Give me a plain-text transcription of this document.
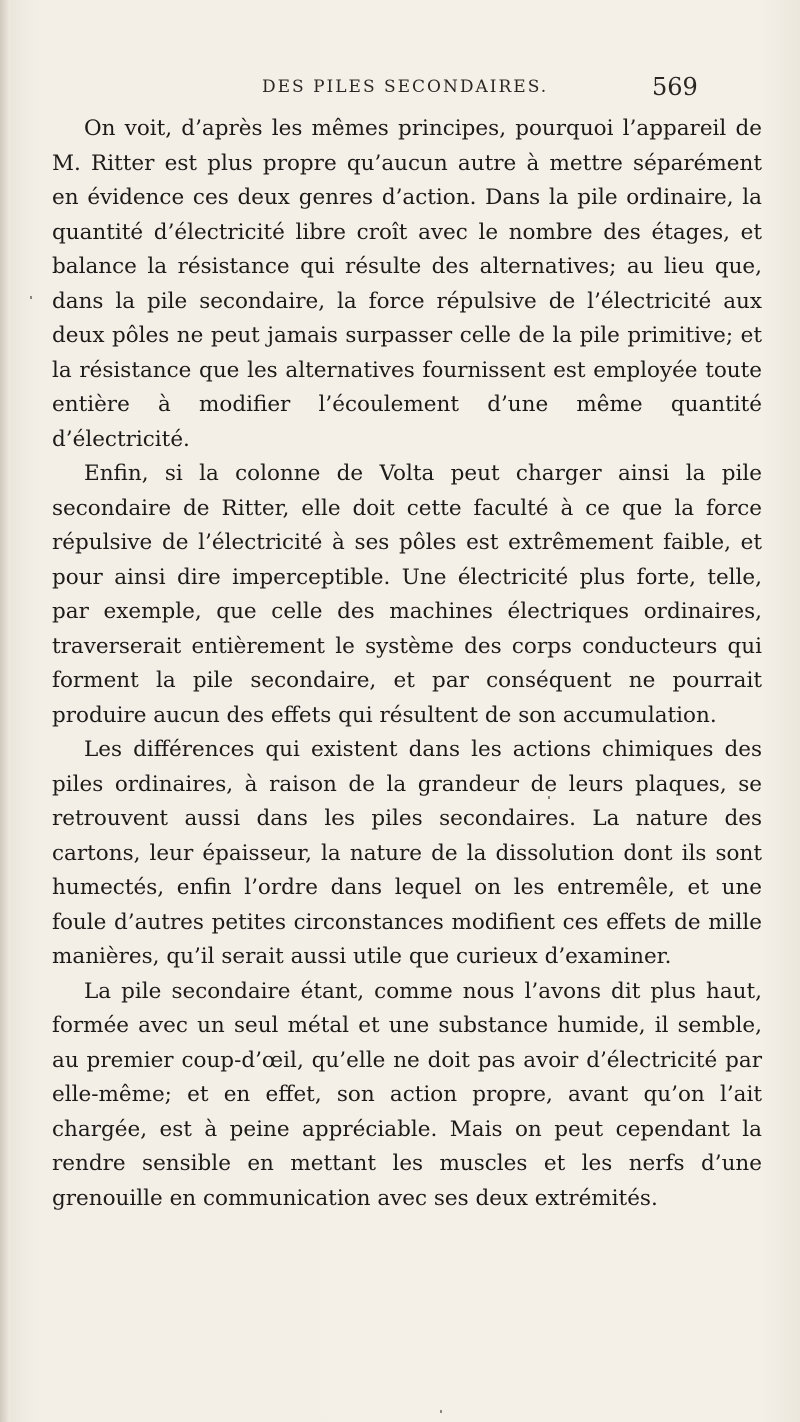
DES PILES SECONDAIRES.	569

On voit, d’après les mêmes principes, pourquoi l’appareil de M. Ritter est plus propre qu’aucun autre à mettre séparément en évidence ces deux genres d’action. Dans la pile ordinaire, la quantité d’électricité libre croît avec le nombre des étages, et balance la résistance qui résulte des alternatives; au lieu que, dans la pile secondaire, la force répulsive de l’électricité aux deux pôles ne peut jamais surpasser celle de la pile primitive; et la résistance que les alternatives fournissent est employée toute entière à modifier l’écoulement d’une même quantité d’électricité.

Enfin, si la colonne de Volta peut charger ainsi la pile secondaire de Ritter, elle doit cette faculté à ce que la force répulsive de l’électricité à ses pôles est extrêmement faible, et pour ainsi dire imperceptible. Une électricité plus forte, telle, par exemple, que celle des machines électriques ordinaires, traverserait entièrement le système des corps conducteurs qui forment la pile secondaire, et par conséquent ne pourrait produire aucun des effets qui résultent de son accumulation.

Les différences qui existent dans les actions chimiques des piles ordinaires, à raison de la grandeur de leurs plaques, se retrouvent aussi dans les piles secondaires. La nature des cartons, leur épaisseur, la nature de la dissolution dont ils sont humectés, enfin l’ordre dans lequel on les entremêle, et une foule d’autres petites circonstances modifient ces effets de mille manières, qu’il serait aussi utile que curieux d’examiner.

La pile secondaire étant, comme nous l’avons dit plus haut, formée avec un seul métal et une substance humide, il semble, au premier coup-d’œil, qu’elle ne doit pas avoir d’électricité par elle-même; et en effet, son action propre, avant qu’on l’ait chargée, est à peine appréciable. Mais on peut cependant la rendre sensible en mettant les muscles et les nerfs d’une grenouille en communication avec ses deux extrémités.
